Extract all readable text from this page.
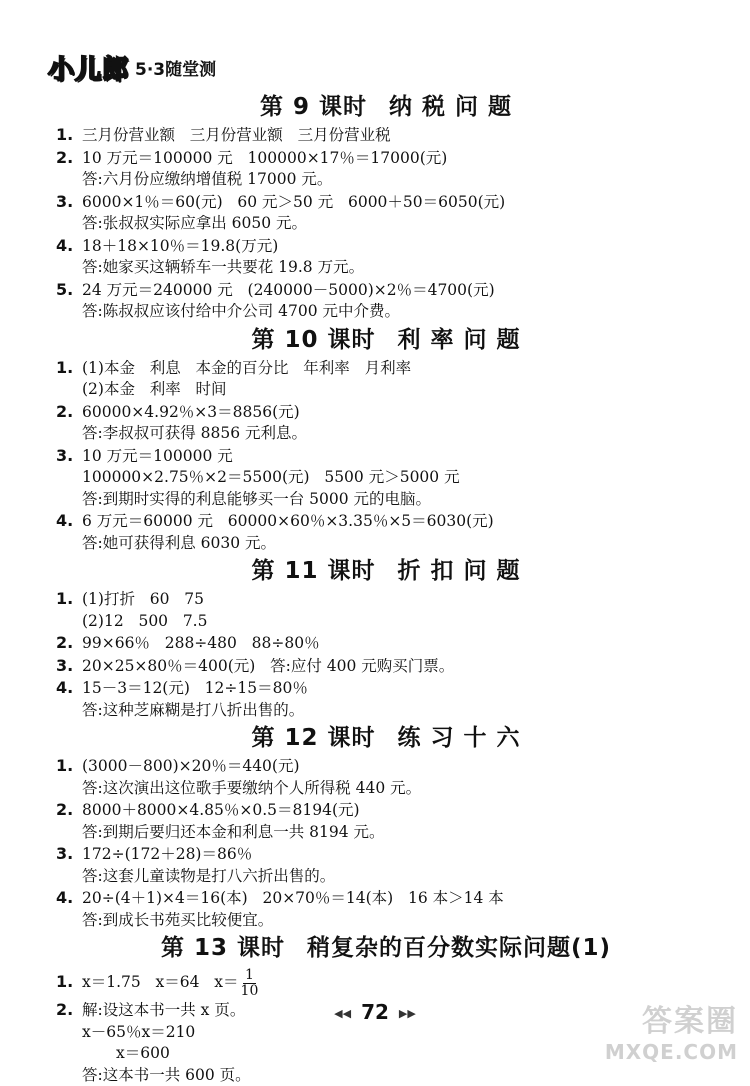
小儿郎 5·3随堂测
第 9 课时 纳 税 问 题
1. 三月份营业额   三月份营业额   三月份营业税
2. 10 万元＝100000 元   100000×17％＝17000(元)
答:六月份应缴纳增值税 17000 元。
3. 6000×1％＝60(元)   60 元＞50 元   6000＋50＝6050(元)
答:张叔叔实际应拿出 6050 元。
4. 18＋18×10％＝19.8(万元)
答:她家买这辆轿车一共要花 19.8 万元。
5. 24 万元＝240000 元   (240000－5000)×2％＝4700(元)
答:陈叔叔应该付给中介公司 4700 元中介费。
第 10 课时 利 率 问 题
1. (1)本金   利息   本金的百分比   年利率   月利率
(2)本金   利率   时间
2. 60000×4.92％×3＝8856(元)
答:李叔叔可获得 8856 元利息。
3. 10 万元＝100000 元
100000×2.75％×2＝5500(元)   5500 元＞5000 元
答:到期时实得的利息能够买一台 5000 元的电脑。
4. 6 万元＝60000 元   60000×60％×3.35％×5＝6030(元)
答:她可获得利息 6030 元。
第 11 课时 折 扣 问 题
1. (1)打折   60   75
(2)12   500   7.5
2. 99×66％   288÷480   88÷80％
3. 20×25×80％＝400(元)   答:应付 400 元购买门票。
4. 15－3＝12(元)   12÷15＝80％
答:这种芝麻糊是打八折出售的。
第 12 课时 练 习 十 六
1. (3000－800)×20％＝440(元)
答:这次演出这位歌手要缴纳个人所得税 440 元。
2. 8000＋8000×4.85％×0.5＝8194(元)
答:到期后要归还本金和利息一共 8194 元。
3. 172÷(172＋28)＝86％
答:这套儿童读物是打八六折出售的。
4. 20÷(4＋1)×4＝16(本)   20×70％＝14(本)   16 本＞14 本
答:到成长书苑买比较便宜。
第 13 课时 稍复杂的百分数实际问题(1)
1. x＝1.75   x＝64   $x= \frac{1}{10}$
2. 解:设这本书一共 x 页。
x－65％x＝210
x＝600
答:这本书一共 600 页。
◀◀ 72 ▶▶	答案圈
MXQE.COM
